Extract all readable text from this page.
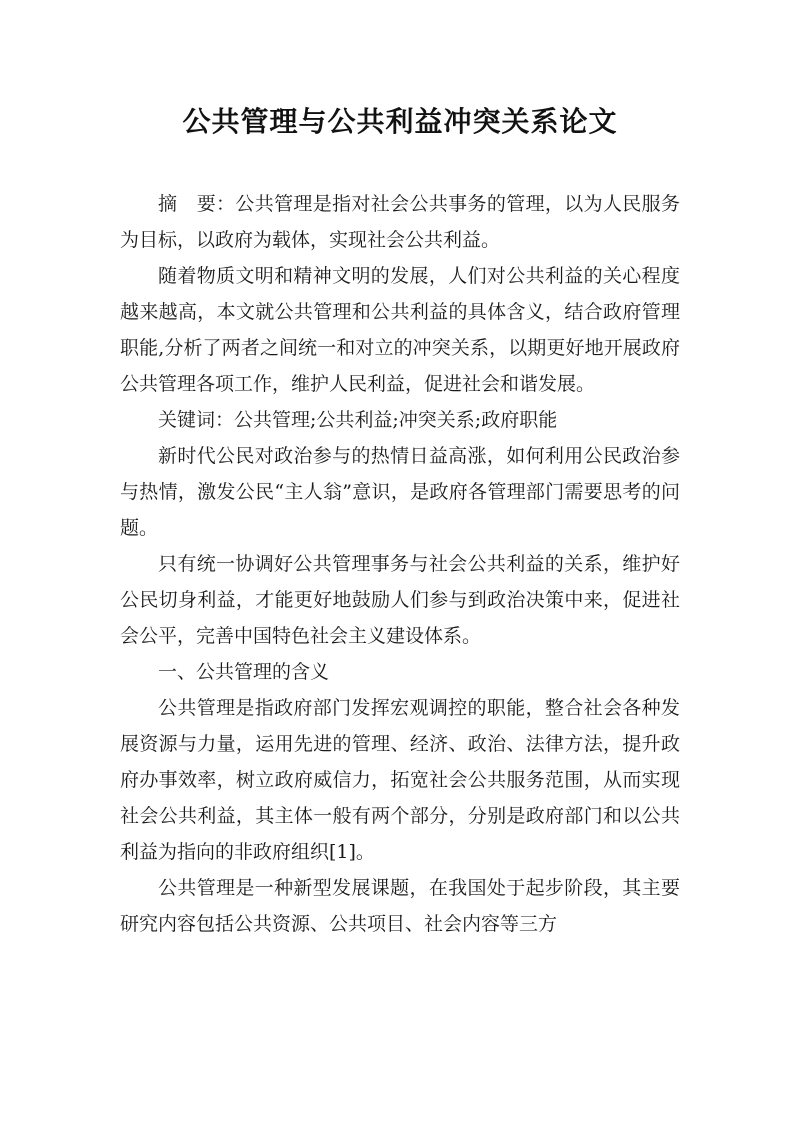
公共管理与公共利益冲突关系论文

摘　要：公共管理是指对社会公共事务的管理，以为人民服务为目标，以政府为载体，实现社会公共利益。

随着物质文明和精神文明的发展，人们对公共利益的关心程度越来越高，本文就公共管理和公共利益的具体含义，结合政府管理职能,分析了两者之间统一和对立的冲突关系，以期更好地开展政府公共管理各项工作，维护人民利益，促进社会和谐发展。

关键词：公共管理;公共利益;冲突关系;政府职能

新时代公民对政治参与的热情日益高涨，如何利用公民政治参与热情，激发公民“主人翁”意识，是政府各管理部门需要思考的问题。

只有统一协调好公共管理事务与社会公共利益的关系，维护好公民切身利益，才能更好地鼓励人们参与到政治决策中来，促进社会公平，完善中国特色社会主义建设体系。

一、公共管理的含义

公共管理是指政府部门发挥宏观调控的职能，整合社会各种发展资源与力量，运用先进的管理、经济、政治、法律方法，提升政府办事效率，树立政府威信力，拓宽社会公共服务范围，从而实现社会公共利益，其主体一般有两个部分，分别是政府部门和以公共利益为指向的非政府组织[1]。

公共管理是一种新型发展课题，在我国处于起步阶段，其主要研究内容包括公共资源、公共项目、社会内容等三方
